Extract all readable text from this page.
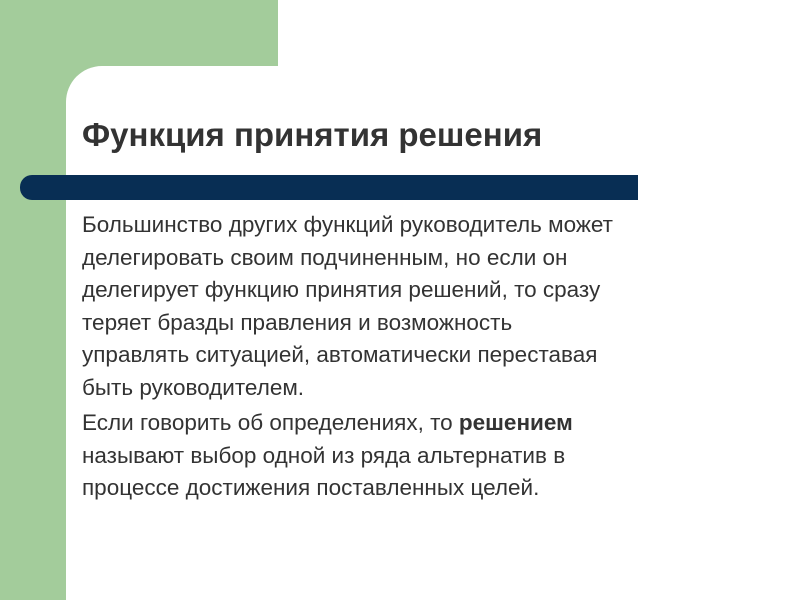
Функция принятия решения

Большинство других функций руководитель может
делегировать своим подчиненным, но если он
делегирует функцию принятия решений, то сразу
теряет бразды правления и возможность
управлять ситуацией, автоматически переставая
быть руководителем.

Если говорить об определениях, то решением
называют выбор одной из ряда альтернатив в
процессе достижения поставленных целей.
